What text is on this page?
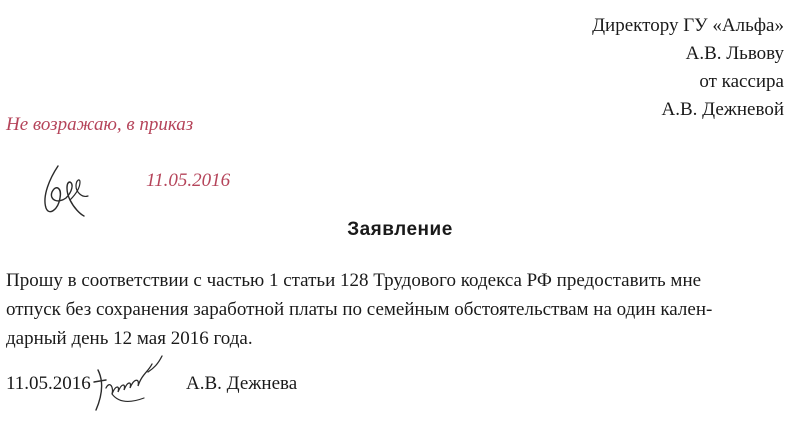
Директору ГУ «Альфа»
А.В. Львову
от кассира
А.В. Дежневой
Не возражаю, в приказ
11.05.2016
Заявление
Прошу в соответствии с частью 1 статьи 128 Трудового кодекса РФ предоставить мне
отпуск без сохранения заработной платы по семейным обстоятельствам на один кален-
дарный день 12 мая 2016 года.
11.05.2016	А.В. Дежнева
